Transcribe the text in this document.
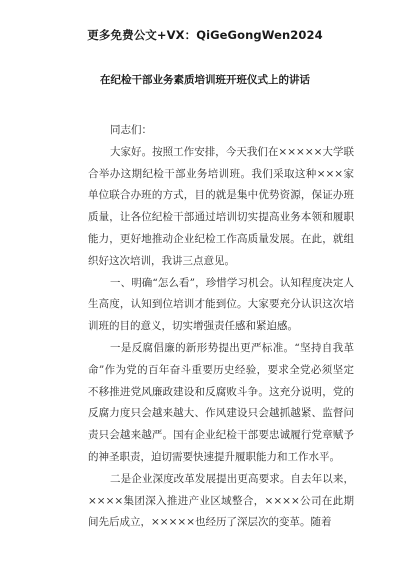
更多免费公文+VX：QiGeGongWen2024
在纪检干部业务素质培训班开班仪式上的讲话

同志们：

大家好。按照工作安排，今天我们在×××××大学联合举办这期纪检干部业务培训班。我们采取这种×××家单位联合办班的方式，目的就是集中优势资源，保证办班质量，让各位纪检干部通过培训切实提高业务本领和履职能力，更好地推动企业纪检工作高质量发展。在此，就组织好这次培训，我讲三点意见。

一、明确“怎么看”，珍惜学习机会。认知程度决定人生高度，认知到位培训才能到位。大家要充分认识这次培训班的目的意义，切实增强责任感和紧迫感。

一是反腐倡廉的新形势提出更严标准。“坚持自我革命”作为党的百年奋斗重要历史经验，要求全党必须坚定不移推进党风廉政建设和反腐败斗争。这充分说明，党的反腐力度只会越来越大、作风建设只会越抓越紧、监督问责只会越来越严。国有企业纪检干部要忠诚履行党章赋予的神圣职责，迫切需要快速提升履职能力和工作水平。

二是企业深度改革发展提出更高要求。自去年以来，××××集团深入推进产业区域整合，××××公司在此期间先后成立，×××××也经历了深层次的变革。随着
